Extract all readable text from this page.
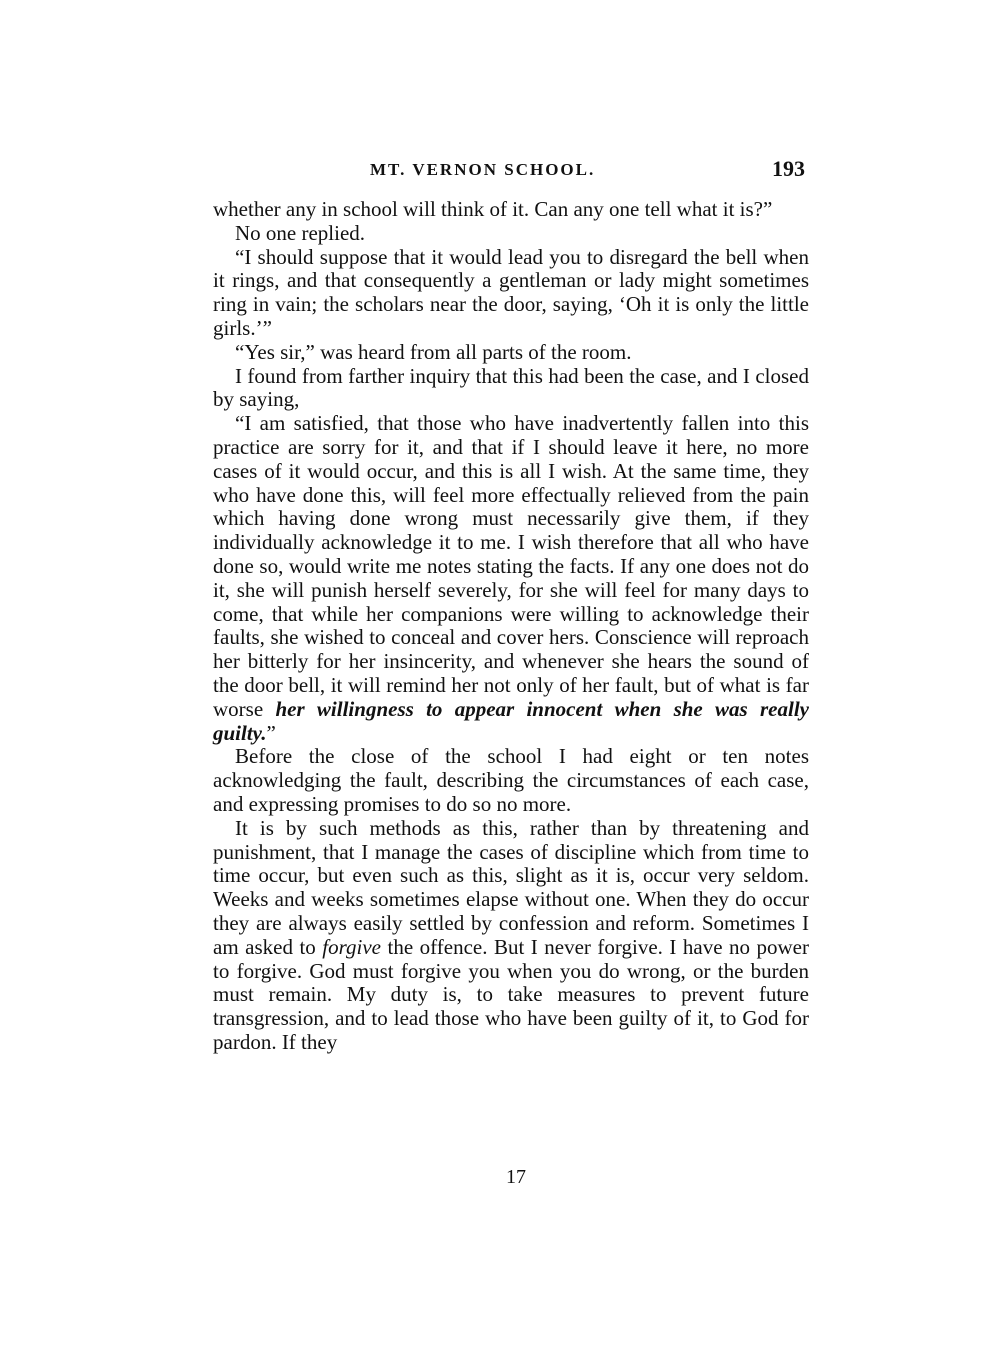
MT. VERNON SCHOOL.	193

whether any in school will think of it. Can any one tell what it is?”

No one replied.

“I should suppose that it would lead you to disregard the bell when it rings, and that consequently a gentleman or lady might sometimes ring in vain; the scholars near the door, saying, ‘Oh it is only the little girls.’”

“Yes sir,” was heard from all parts of the room.

I found from farther inquiry that this had been the case, and I closed by saying,

“I am satisfied, that those who have inadvertently fallen into this practice are sorry for it, and that if I should leave it here, no more cases of it would occur, and this is all I wish. At the same time, they who have done this, will feel more effectually relieved from the pain which having done wrong must necessarily give them, if they individually acknowledge it to me. I wish therefore that all who have done so, would write me notes stating the facts. If any one does not do it, she will punish herself severely, for she will feel for many days to come, that while her companions were willing to acknowledge their faults, she wished to conceal and cover hers. Conscience will reproach her bitterly for her insincerity, and whenever she hears the sound of the door bell, it will remind her not only of her fault, but of what is far worse her willingness to appear innocent when she was really guilty.”

Before the close of the school I had eight or ten notes acknowledging the fault, describing the circumstances of each case, and expressing promises to do so no more.

It is by such methods as this, rather than by threatening and punishment, that I manage the cases of discipline which from time to time occur, but even such as this, slight as it is, occur very seldom. Weeks and weeks sometimes elapse without one. When they do occur they are always easily settled by confession and reform. Sometimes I am asked to forgive the offence. But I never forgive. I have no power to forgive. God must forgive you when you do wrong, or the burden must remain. My duty is, to take measures to prevent future transgression, and to lead those who have been guilty of it, to God for pardon. If they

17
